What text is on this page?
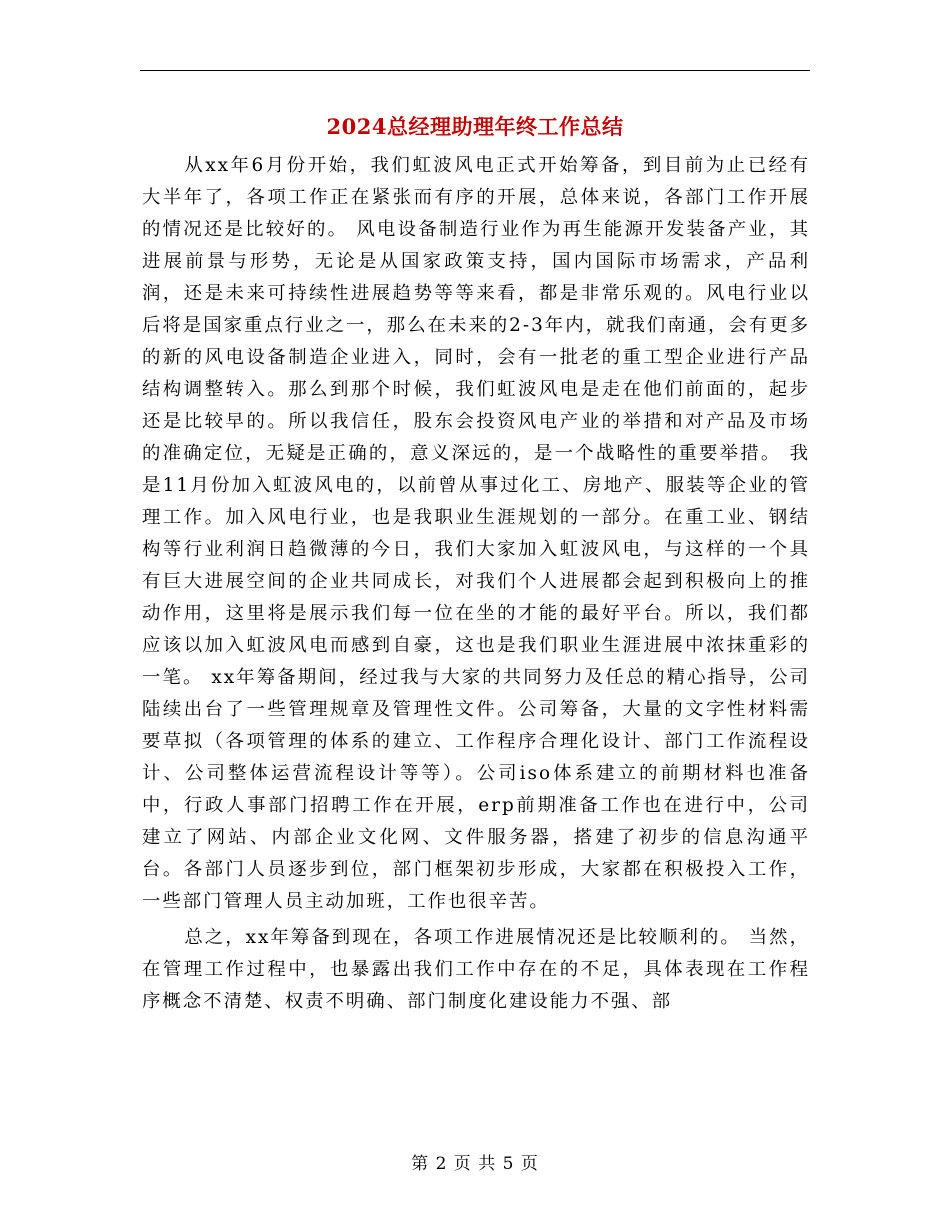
2024总经理助理年终工作总结

从xx年6月份开始，我们虹波风电正式开始筹备，到目前为止已经有大半年了，各项工作正在紧张而有序的开展，总体来说，各部门工作开展的情况还是比较好的。 风电设备制造行业作为再生能源开发装备产业，其进展前景与形势，无论是从国家政策支持，国内国际市场需求，产品利润，还是未来可持续性进展趋势等等来看，都是非常乐观的。风电行业以后将是国家重点行业之一，那么在未来的2-3年内，就我们南通，会有更多的新的风电设备制造企业进入，同时，会有一批老的重工型企业进行产品结构调整转入。那么到那个时候，我们虹波风电是走在他们前面的，起步还是比较早的。所以我信任，股东会投资风电产业的举措和对产品及市场的准确定位，无疑是正确的，意义深远的，是一个战略性的重要举措。 我是11月份加入虹波风电的，以前曾从事过化工、房地产、服装等企业的管理工作。加入风电行业，也是我职业生涯规划的一部分。在重工业、钢结构等行业利润日趋微薄的今日，我们大家加入虹波风电，与这样的一个具有巨大进展空间的企业共同成长，对我们个人进展都会起到积极向上的推动作用，这里将是展示我们每一位在坐的才能的最好平台。所以，我们都应该以加入虹波风电而感到自豪，这也是我们职业生涯进展中浓抹重彩的一笔。 xx年筹备期间，经过我与大家的共同努力及任总的精心指导，公司陆续出台了一些管理规章及管理性文件。公司筹备，大量的文字性材料需要草拟（各项管理的体系的建立、工作程序合理化设计、部门工作流程设计、公司整体运营流程设计等等）。公司iso体系建立的前期材料也准备中，行政人事部门招聘工作在开展，erp前期准备工作也在进行中，公司建立了网站、内部企业文化网、文件服务器，搭建了初步的信息沟通平台。各部门人员逐步到位，部门框架初步形成，大家都在积极投入工作，一些部门管理人员主动加班，工作也很辛苦。

总之，xx年筹备到现在，各项工作进展情况还是比较顺利的。 当然，在管理工作过程中，也暴露出我们工作中存在的不足，具体表现在工作程序概念不清楚、权责不明确、部门制度化建设能力不强、部

第 2 页 共 5 页
